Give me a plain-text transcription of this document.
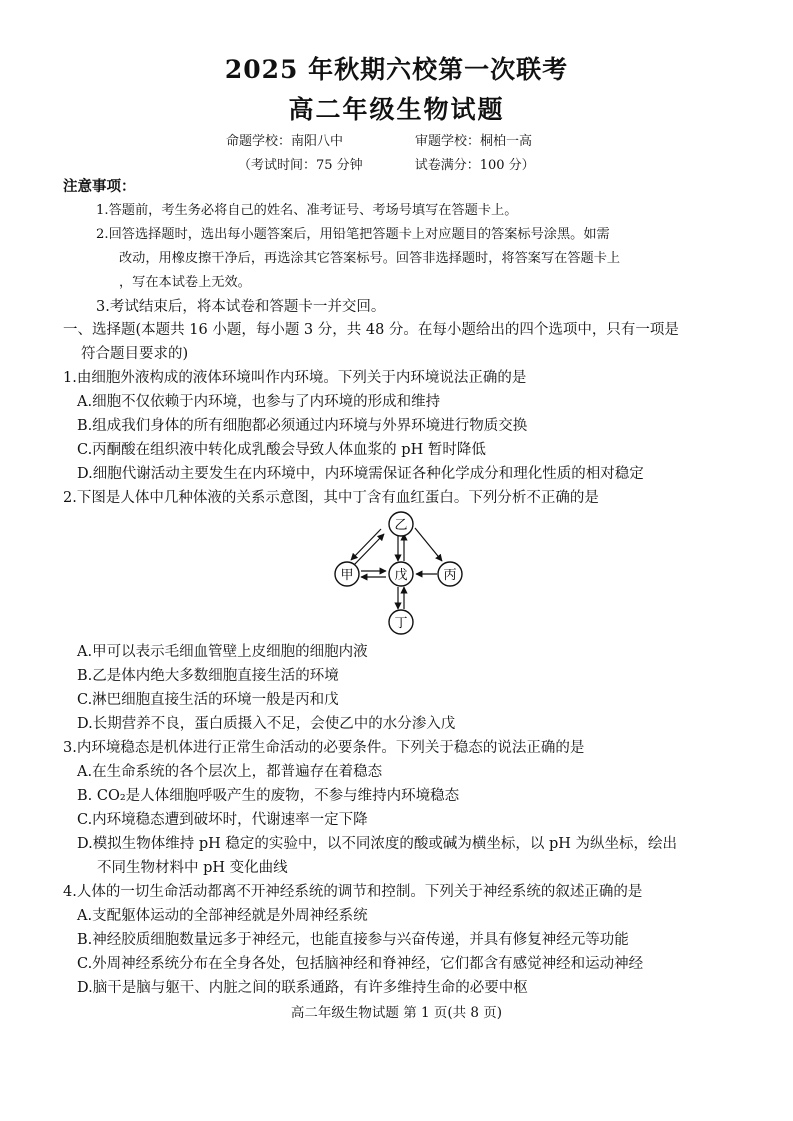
2025 年秋期六校第一次联考
高二年级生物试题
命题学校：南阳八中	审题学校：桐柏一高
（考试时间：75 分钟	试卷满分：100 分）
注意事项：
1.答题前，考生务必将自己的姓名、准考证号、考场号填写在答题卡上。
2.回答选择题时，选出每小题答案后，用铅笔把答题卡上对应题目的答案标号涂黑。如需
改动，用橡皮擦干净后，再选涂其它答案标号。回答非选择题时，将答案写在答题卡上
，写在本试卷上无效。
3.考试结束后，将本试卷和答题卡一并交回。
一、选择题(本题共 16 小题，每小题 3 分，共 48 分。在每小题给出的四个选项中，只有一项是
符合题目要求的)
1.由细胞外液构成的液体环境叫作内环境。下列关于内环境说法正确的是
A.细胞不仅依赖于内环境，也参与了内环境的形成和维持
B.组成我们身体的所有细胞都必须通过内环境与外界环境进行物质交换
C.丙酮酸在组织液中转化成乳酸会导致人体血浆的 pH 暂时降低
D.细胞代谢活动主要发生在内环境中，内环境需保证各种化学成分和理化性质的相对稳定
2.下图是人体中几种体液的关系示意图，其中丁含有血红蛋白。下列分析不正确的是
乙
甲	戊	丙
丁
A.甲可以表示毛细血管壁上皮细胞的细胞内液
B.乙是体内绝大多数细胞直接生活的环境
C.淋巴细胞直接生活的环境一般是丙和戊
D.长期营养不良，蛋白质摄入不足，会使乙中的水分渗入戊
3.内环境稳态是机体进行正常生命活动的必要条件。下列关于稳态的说法正确的是
A.在生命系统的各个层次上，都普遍存在着稳态
B. CO₂是人体细胞呼吸产生的废物，不参与维持内环境稳态
C.内环境稳态遭到破坏时，代谢速率一定下降
D.模拟生物体维持 pH 稳定的实验中，以不同浓度的酸或碱为横坐标，以 pH 为纵坐标，绘出
不同生物材料中 pH 变化曲线
4.人体的一切生命活动都离不开神经系统的调节和控制。下列关于神经系统的叙述正确的是
A.支配躯体运动的全部神经就是外周神经系统
B.神经胶质细胞数量远多于神经元，也能直接参与兴奋传递，并具有修复神经元等功能
C.外周神经系统分布在全身各处，包括脑神经和脊神经，它们都含有感觉神经和运动神经
D.脑干是脑与躯干、内脏之间的联系通路，有许多维持生命的必要中枢
高二年级生物试题 第 1 页(共 8 页)
